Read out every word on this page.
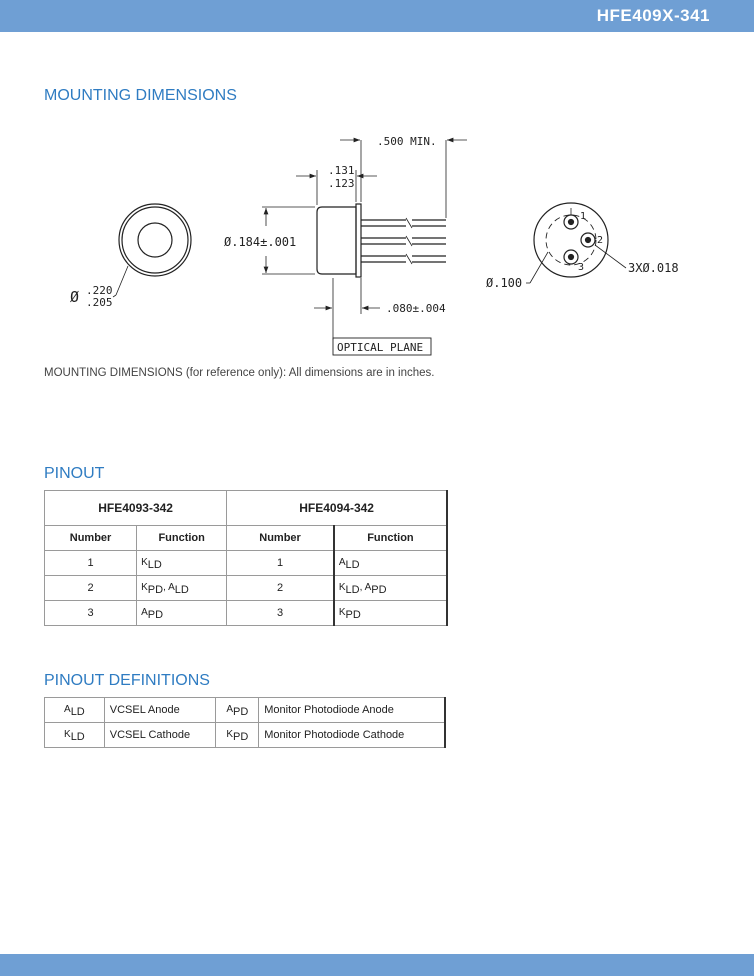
HFE409X-341
MOUNTING DIMENSIONS
Ø .220
.205
.500 MIN.
.131
.123
Ø.184±.001
.080±.004
OPTICAL PLANE
1
2
3
Ø.100
3XØ.018
MOUNTING DIMENSIONS (for reference only): All dimensions are in inches.
PINOUT
HFE4093-342		HFE4094-342	
Number	Function	Number	Function
1	$K_{LD}$	1	$A_{LD}$
2	$K_{PD}$, $A_{LD}$	2	$K_{LD}$, $A_{PD}$
3	$A_{PD}$	3	$K_{PD}$
PINOUT DEFINITIONS
$A_{LD}$	VCSEL Anode	$A_{PD}$	Monitor Photodiode Anode
$K_{LD}$	VCSEL Cathode	$K_{PD}$	Monitor Photodiode Cathode
